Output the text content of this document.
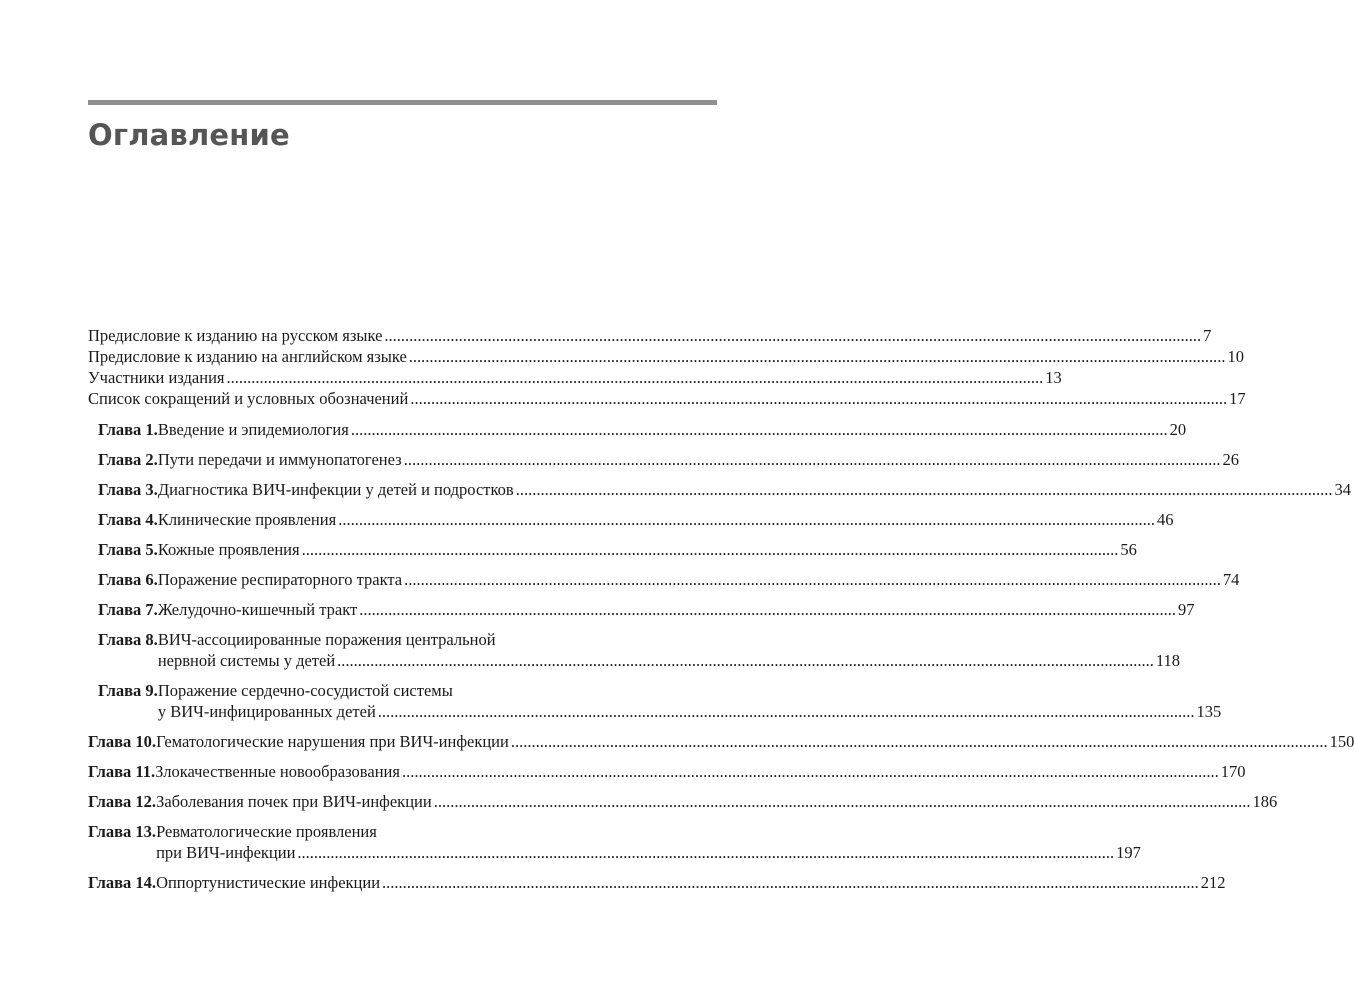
Оглавление
Предисловие к изданию на русском языке .....	7
Предисловие к изданию на английском языке .....	10
Участники издания .....	13
Список сокращений и условных обозначений .....	17
Глава 1. Введение и эпидемиология .....	20
Глава 2. Пути передачи и иммунопатогенез .....	26
Глава 3. Диагностика ВИЧ-инфекции у детей и подростков .....	34
Глава 4. Клинические проявления .....	46
Глава 5. Кожные проявления .....	56
Глава 6. Поражение респираторного тракта .....	74
Глава 7. Желудочно-кишечный тракт .....	97
Глава 8. ВИЧ-ассоциированные поражения центральной
нервной системы у детей .....	118
Глава 9. Поражение сердечно-сосудистой системы
у ВИЧ-инфицированных детей .....	135
Глава 10. Гематологические нарушения при ВИЧ-инфекции .....	150
Глава 11. Злокачественные новообразования .....	170
Глава 12. Заболевания почек при ВИЧ-инфекции .....	186
Глава 13. Ревматологические проявления
при ВИЧ-инфекции .....	197
Глава 14. Оппортунистические инфекции .....	212
